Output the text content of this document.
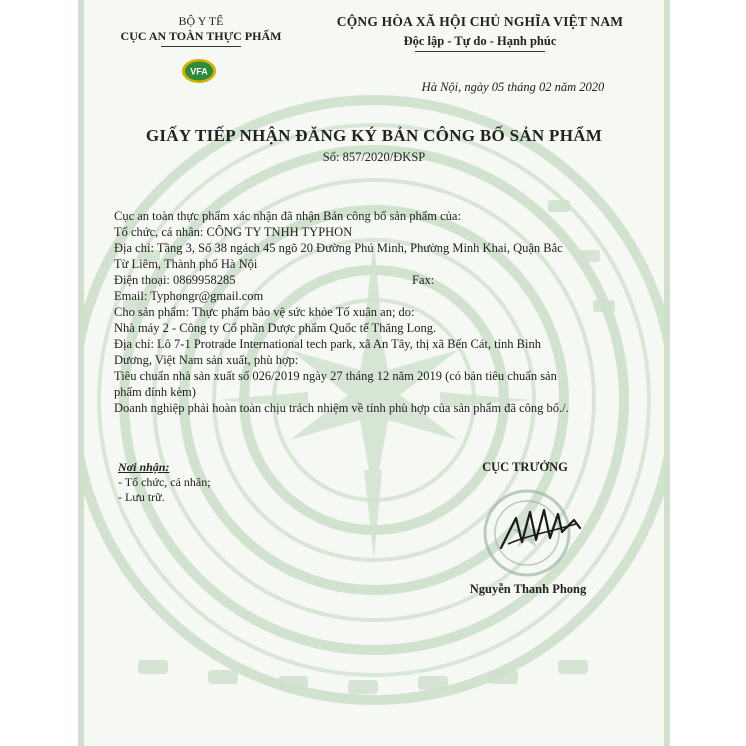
BỘ Y TẾ
CỤC AN TOÀN THỰC PHẨM
VFA
CỘNG HÒA XÃ HỘI CHỦ NGHĨA VIỆT NAM
Độc lập - Tự do - Hạnh phúc
Hà Nội, ngày 05 tháng 02 năm 2020
GIẤY TIẾP NHẬN ĐĂNG KÝ BẢN CÔNG BỐ SẢN PHẨM
Số: 857/2020/ĐKSP

Cục an toàn thực phẩm xác nhận đã nhận Bản công bố sản phẩm của:

Tổ chức, cá nhân: CÔNG TY TNHH TYPHON

Địa chỉ: Tầng 3, Số 38 ngách 45 ngõ 20 Đường Phú Minh, Phường Minh Khai, Quận Bắc

Từ Liêm, Thành phố Hà Nội

Điện thoại: 0869958285	Fax:

Email: Typhongr@gmail.com

Cho sản phẩm: Thực phẩm bảo vệ sức khỏe Tố xuân an; do:

Nhà máy 2 - Công ty Cổ phần Dược phẩm Quốc tế Thăng Long.

Địa chỉ: Lô 7-1 Protrade International tech park, xã An Tây, thị xã Bến Cát, tỉnh Bình

Dương, Việt Nam sản xuất, phù hợp:

Tiêu chuẩn nhà sản xuất số 026/2019 ngày 27 tháng 12 năm 2019 (có bản tiêu chuẩn sản

phẩm đính kèm)

Doanh nghiệp phải hoàn toàn chịu trách nhiệm về tính phù hợp của sản phẩm đã công bố./.

Nơi nhận:
- Tổ chức, cá nhân;
- Lưu trữ.
CỤC TRƯỞNG
Nguyễn Thanh Phong
